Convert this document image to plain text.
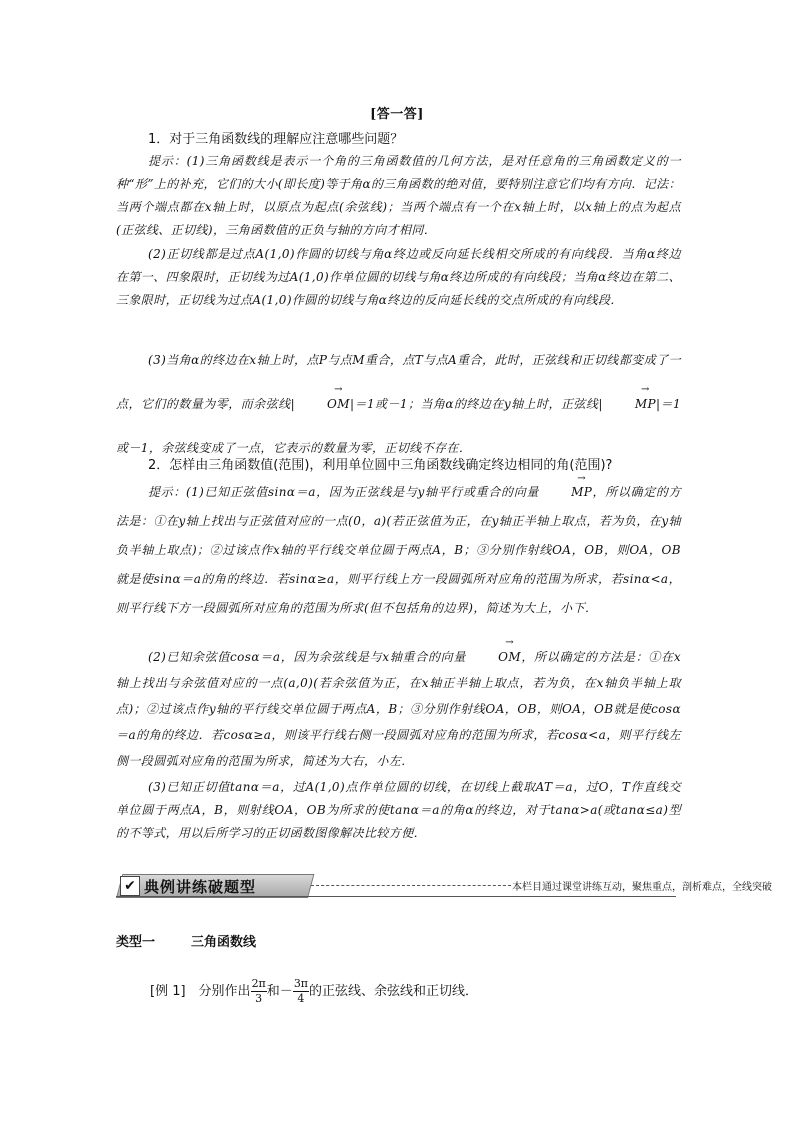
[答一答]
1．对于三角函数线的理解应注意哪些问题？
提示：(1)三角函数线是表示一个角的三角函数值的几何方法，是对任意角的三角函数定义的一种“形”上的补充，它们的大小(即长度)等于角α的三角函数的绝对值，要特别注意它们均有方向．记法：当两个端点都在x轴上时，以原点为起点(余弦线)；当两个端点有一个在x轴上时，以x轴上的点为起点(正弦线、正切线)，三角函数值的正负与轴的方向才相同．
(2)正切线都是过点A(1,0)作圆的切线与角α终边或反向延长线相交所成的有向线段．当角α终边在第一、四象限时，正切线为过A(1,0)作单位圆的切线与角α终边所成的有向线段；当角α终边在第二、三象限时，正切线为过点A(1,0)作圆的切线与角α终边的反向延长线的交点所成的有向线段．
(3)当角α的终边在x轴上时，点P与点M重合，点T与点A重合，此时，正弦线和正切线都变成了一点，它们的数量为零，而余弦线|	→ OM|＝1或－1；当角α的终边在y轴上时，正弦线|	→ MP|＝1或－1，余弦线变成了一点，它表示的数量为零，正切线不存在．
2．怎样由三角函数值(范围)，利用单位圆中三角函数线确定终边相同的角(范围)?
提示：(1)已知正弦值sinα＝a，因为正弦线是与y轴平行或重合的向量	→ MP，所以确定的方法是：①在y轴上找出与正弦值对应的一点(0，a)(若正弦值为正，在y轴正半轴上取点，若为负，在y轴负半轴上取点)；②过该点作x轴的平行线交单位圆于两点A，B；③分别作射线OA，OB，则OA，OB就是使sinα＝a的角的终边．若sinα≥a，则平行线上方一段圆弧所对应角的范围为所求，若sinα<a，则平行线下方一段圆弧所对应角的范围为所求(但不包括角的边界)，简述为大上，小下．
(2)已知余弦值cosα＝a，因为余弦线是与x轴重合的向量	→ OM，所以确定的方法是：①在x轴上找出与余弦值对应的一点(a,0)(若余弦值为正，在x轴正半轴上取点，若为负，在x轴负半轴上取点)；②过该点作y轴的平行线交单位圆于两点A，B；③分别作射线OA，OB，则OA，OB就是使cosα＝a的角的终边．若cosα≥a，则该平行线右侧一段圆弧对应角的范围为所求，若cosα<a，则平行线左侧一段圆弧对应角的范围为所求，简述为大右，小左．
(3)已知正切值tanα＝a，过A(1,0)点作单位圆的切线，在切线上截取AT＝a，过O，T作直线交单位圆于两点A，B，则射线OA，OB为所求的使tanα＝a的角α的终边，对于tanα>a(或tanα≤a)型的不等式，用以后所学习的正切函数图像解决比较方便．
✔ 典例讲练破题型	本栏目通过课堂讲练互动，聚焦重点，剖析难点，全线突破
类型一	三角函数线
[例 1]　分别作出 $\frac{2\pi}{3}$ 和－ $\frac{3\pi}{4}$ 的正弦线、余弦线和正切线．
